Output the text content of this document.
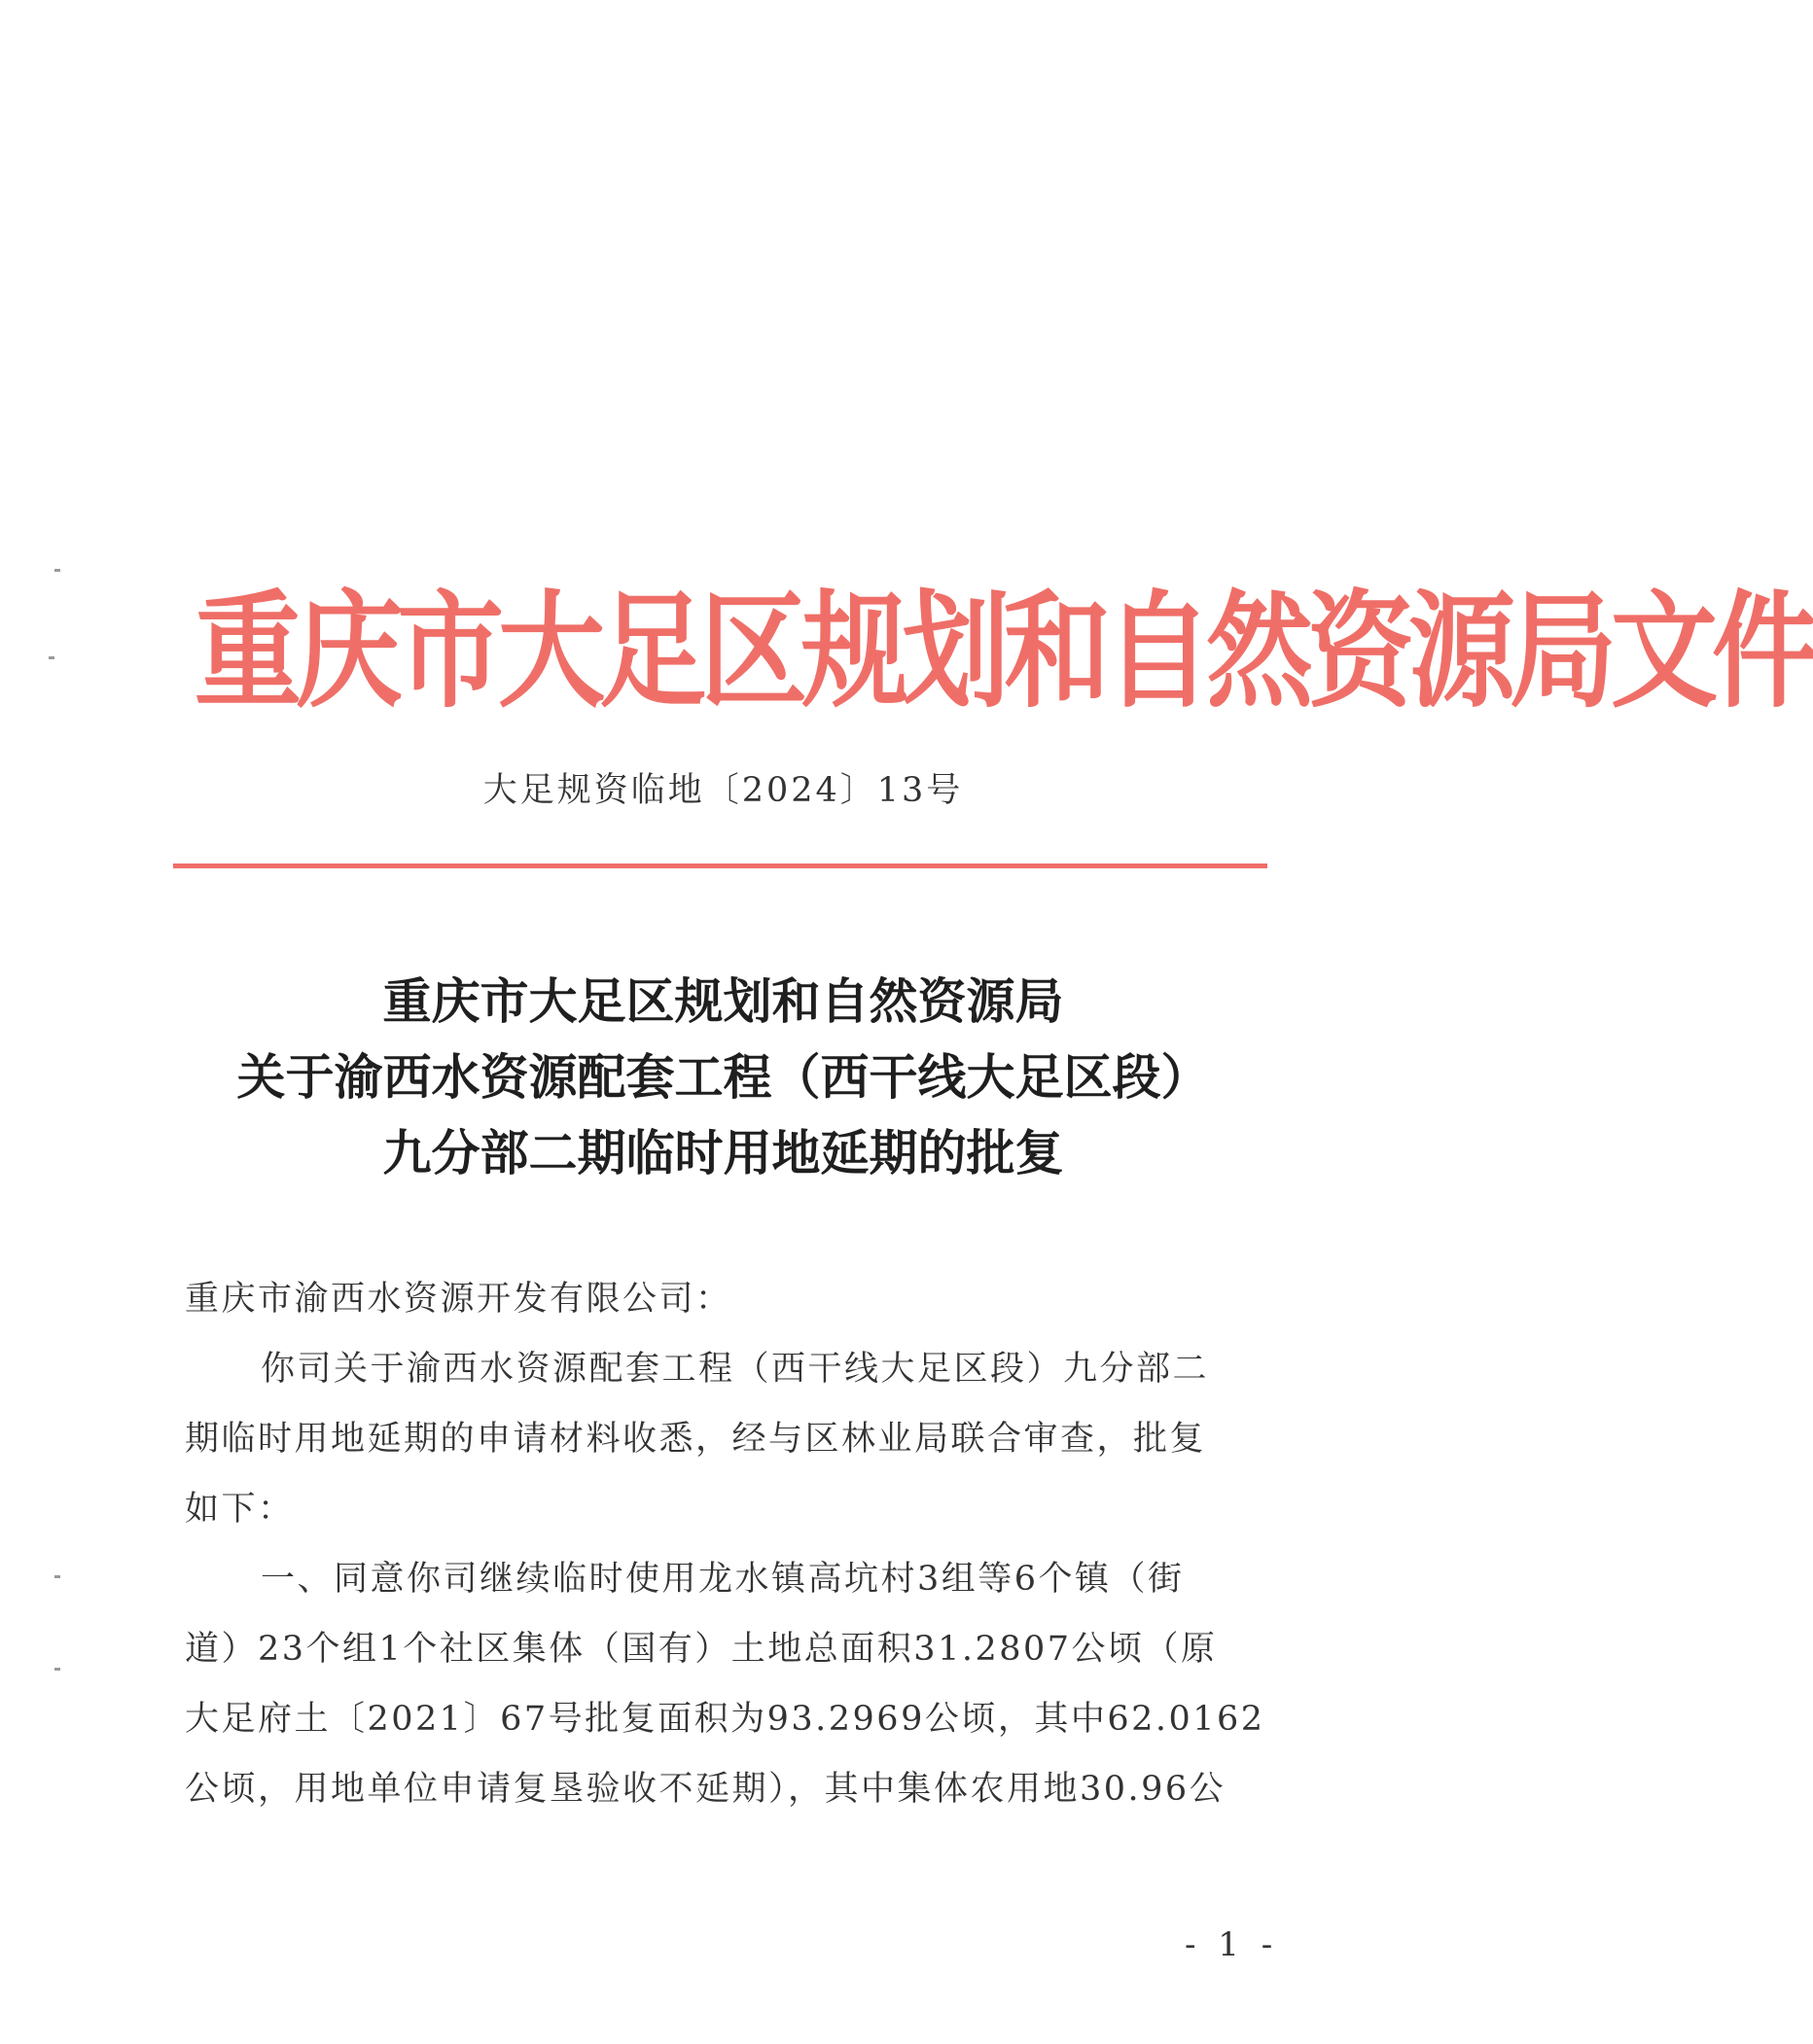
重庆市大足区规划和自然资源局文件
大足规资临地〔2024〕13号
重庆市大足区规划和自然资源局
关于渝西水资源配套工程（西干线大足区段）
九分部二期临时用地延期的批复
重庆市渝西水资源开发有限公司：
你司关于渝西水资源配套工程（西干线大足区段）九分部二
期临时用地延期的申请材料收悉，经与区林业局联合审查，批复
如下：
一、同意你司继续临时使用龙水镇高坑村3组等6个镇（街
道）23个组1个社区集体（国有）土地总面积31.2807公顷（原
大足府土〔2021〕67号批复面积为93.2969公顷，其中62.0162
公顷，用地单位申请复垦验收不延期），其中集体农用地30.96公
- 1 -
